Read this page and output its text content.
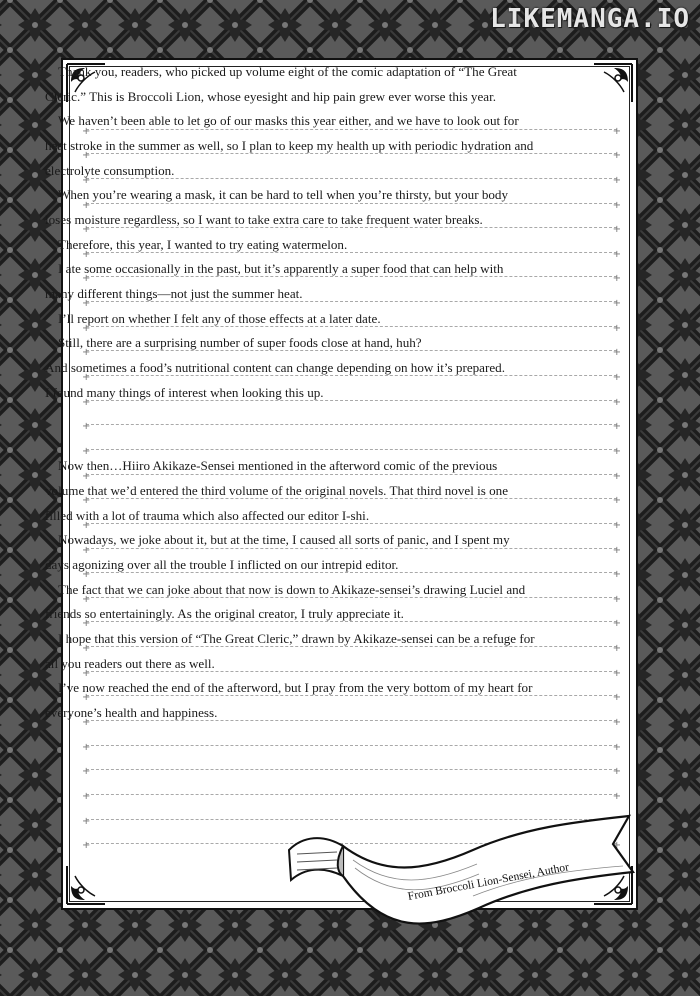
LIKEMANGA.IO
+ +
+ +
+ +
+ +
+ +
+ +
+ +
+ +
+ +
+ +
+ +
+ +
+ +
+ +
+ +
+ +
+ +
+ +
+ +
+ +
+ +
+ +
+ +
+ +
+ +
+ +
+ +
+ +
+ +
+ +

Thank you, readers, who picked up volume eight of the comic adaptation of “The Great Cleric.” This is Broccoli Lion, whose eyesight and hip pain grew ever worse this year.

We haven’t been able to let go of our masks this year either, and we have to look out for heat stroke in the summer as well, so I plan to keep my health up with periodic hydration and electrolyte consumption.

When you’re wearing a mask, it can be hard to tell when you’re thirsty, but your body loses moisture regardless, so I want to take extra care to take frequent water breaks.

Therefore, this year, I wanted to try eating watermelon.

I ate some occasionally in the past, but it’s apparently a super food that can help with many different things—not just the summer heat.

I’ll report on whether I felt any of those effects at a later date.

Still, there are a surprising number of super foods close at hand, huh?

And sometimes a food’s nutritional content can change depending on how it’s prepared.

I found many things of interest when looking this up.

Now then…Hiiro Akikaze-Sensei mentioned in the afterword comic of the previous volume that we’d entered the third volume of the original novels. That third novel is one filled with a lot of trauma which also affected our editor I-shi.

Nowadays, we joke about it, but at the time, I caused all sorts of panic, and I spent my days agonizing over all the trouble I inflicted on our intrepid editor.

The fact that we can joke about that now is down to Akikaze-sensei’s drawing Luciel and friends so entertainingly. As the original creator, I truly appreciate it.

I hope that this version of “The Great Cleric,” drawn by Akikaze-sensei can be a refuge for all you readers out there as well.

I’ve now reached the end of the afterword, but I pray from the very bottom of my heart for everyone’s health and happiness.

From Broccoli Lion-Sensei, Author
